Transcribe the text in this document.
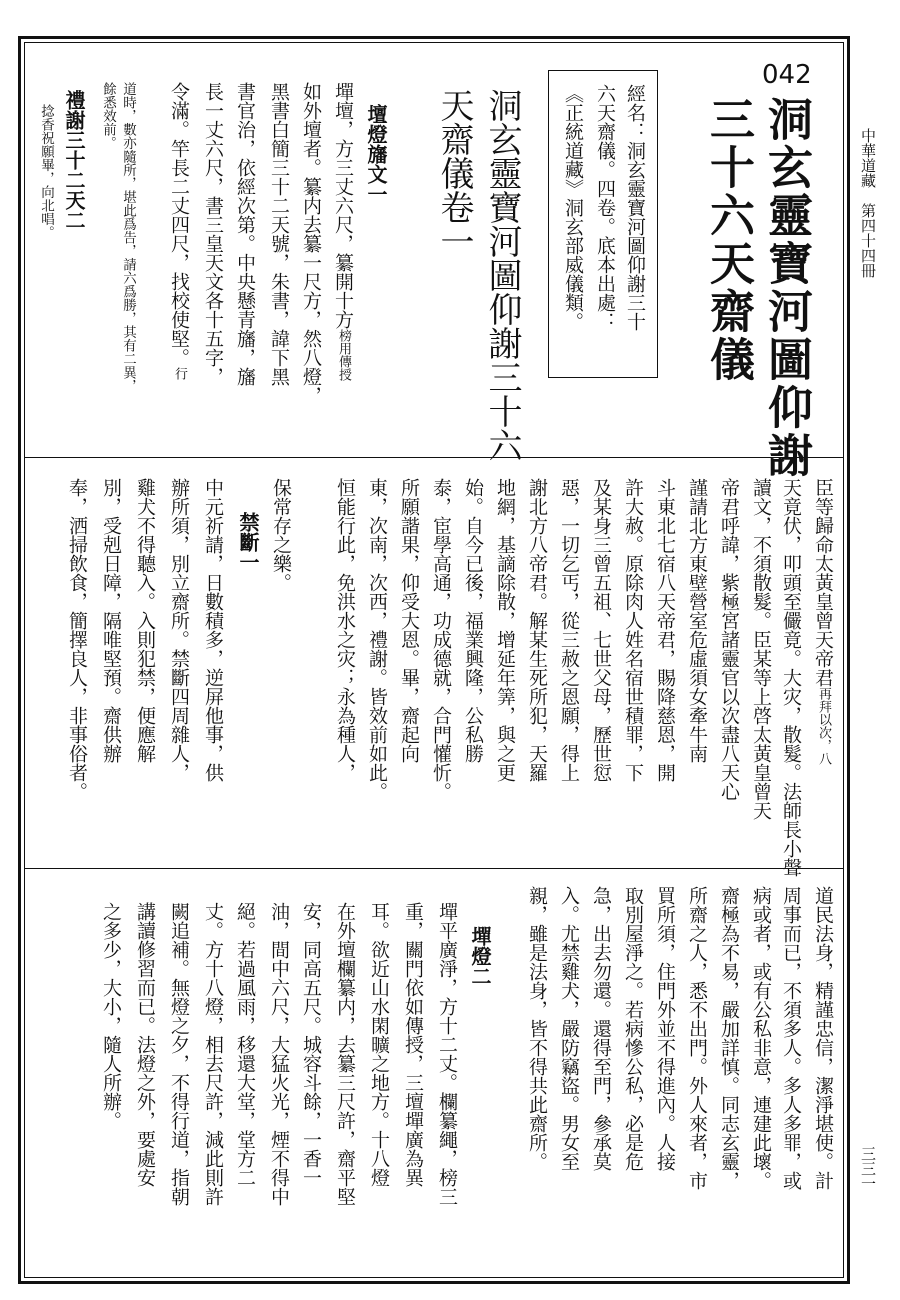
中華道藏　第四十四冊
三三一
042
洞玄靈寶河圖仰謝
三十六天齋儀
經名：洞玄靈寶河圖仰謝三十
六天齋儀。四卷。底本出處：
《正統道藏》洞玄部威儀類。
洞玄靈寶河圖仰謝三十六
天齋儀卷一
壇燈旛文一
墠壇，方三丈六尺，纂開十方榜用傳授
如外壇者。纂内去纂一尺方，然八燈，
黑書白簡三十二天號，朱書，諱下黑
書官治，依經次第。中央懸青旛，旛
長一丈六尺，書三皇天文各十五字，
令滿。竿長二丈四尺，找校使堅。行
道時，數亦隨所，堪此爲告，請六爲勝，其有二異，
餘悉效前。
禮謝三十二天二
捻香祝願畢，向北唱。
臣等歸命太黃皇曾天帝君再拜以次，八
天竟伏，叩頭至儼竟。大灾，散髮。法師長小聲
讀文，不須散髮。臣某等上啓太黃皇曾天
帝君呼諱，紫極宮諸靈官以次盡八天心
謹請北方東壁營室危虛須女牽牛南
斗東北七宿八天帝君，賜降慈恩，開
許大赦。原除肉人姓名宿世積罪，下
及某身三曾五祖、七世父母，歷世愆
惡，一切乞丐，從三赦之恩願，得上
謝北方八帝君。解某生死所犯，天羅
地網，基謫除散，增延年筭，與之更
始。自今已後，福業興隆，公私勝
泰，宦學高通，功成德就，合門懽忻。
所願諧果，仰受大恩。畢，齋起向
東，次南，次西，禮謝。皆效前如此。
恒能行此，免洪水之灾；永為種人，
保常存之樂。
禁斷一
中元祈請，日數積多，逆屏他事，供
辦所須，別立齋所。禁斷四周雜人，
雞犬不得聽入。入則犯禁，便應解
別，受剋日障，隔唯堅預。齋供辦
奉，洒掃飲食，簡擇良人，非事俗者。
道民法身，精謹忠信，潔淨堪使。計
周事而已，不須多人。多人多罪，或
病或者，或有公私非意，連建此壞。
齋極為不易，嚴加詳慎。同志玄靈，
所齋之人，悉不出門。外人來者，市
買所須，住門外並不得進內。人接
取別屋淨之。若病慘公私，必是危
急，出去勿還。還得至門，參承莫
入。尤禁雞犬，嚴防竊盜。男女至
親，雖是法身，皆不得共此齋所。
墠燈二
墠平廣淨，方十二丈。欄纂繩，榜三
重，關門依如傳授，三壇墠廣為異
耳。欲近山水閑曠之地方。十八燈
在外壇欄纂内，去纂三尺許，齋平堅
安，同高五尺。城容斗餘，一香一
油，間中六尺，大猛火光，煙不得中
絕。若過風雨，移還大堂，堂方二
丈。方十八燈，相去尺許，減此則許
闕追補。無燈之夕，不得行道，指朝
講讀修習而已。法燈之外，要處安
之多少，大小，隨人所辦。
